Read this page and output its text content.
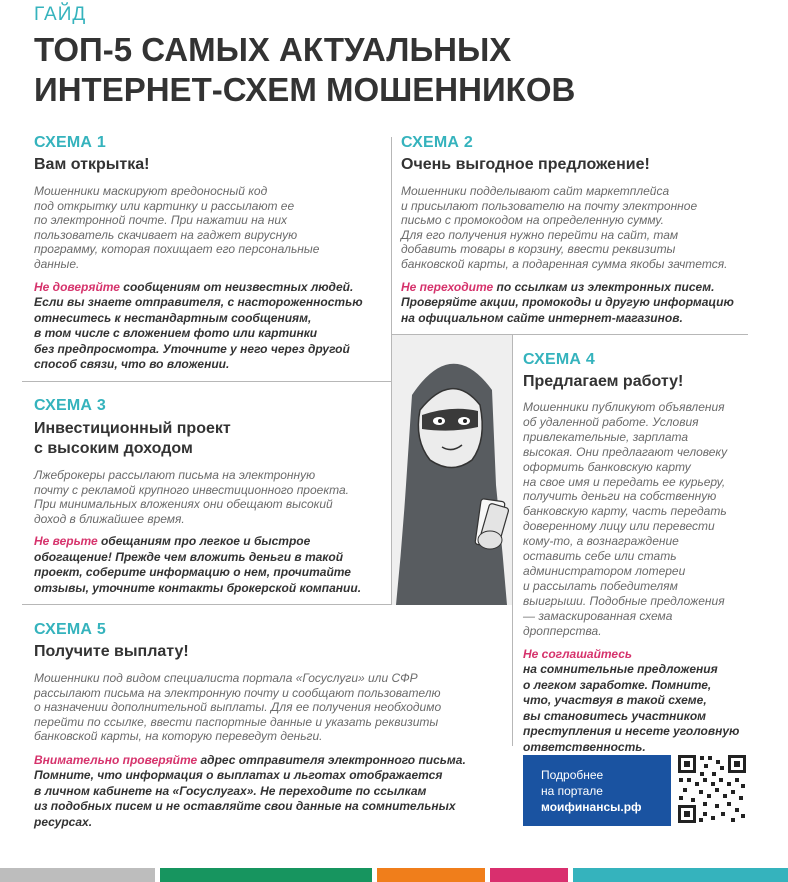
ГАЙД
ТОП-5 САМЫХ АКТУАЛЬНЫХ
ИНТЕРНЕТ-СХЕМ МОШЕННИКОВ
СХЕМА 1
Вам открытка!
Мошенники маскируют вредоносный код
под открытку или картинку и рассылают ее
по электронной почте. При нажатии на них
пользователь скачивает на гаджет вирусную
программу, которая похищает его персональные
данные.
Не доверяйте сообщениям от неизвестных людей.
Если вы знаете отправителя, с настороженностью
отнеситесь к нестандартным сообщениям,
в том числе с вложением фото или картинки
без предпросмотра. Уточните у него через другой
способ связи, что во вложении.
СХЕМА 2
Очень выгодное предложение!
Мошенники подделывают сайт маркетплейса
и присылают пользователю на почту электронное
письмо с промокодом на определенную сумму.
Для его получения нужно перейти на сайт, там
добавить товары в корзину, ввести реквизиты
банковской карты, а подаренная сумма якобы зачтется.
Не переходите по ссылкам из электронных писем.
Проверяйте акции, промокоды и другую информацию
на официальном сайте интернет-магазинов.
СХЕМА 3
Инвестиционный проект
с высоким доходом
Лжеброкеры рассылают письма на электронную
почту с рекламой крупного инвестиционного проекта.
При минимальных вложениях они обещают высокий
доход в ближайшее время.
Не верьте обещаниям про легкое и быстрое
обогащение! Прежде чем вложить деньги в такой
проект, соберите информацию о нем, прочитайте
отзывы, уточните контакты брокерской компании.
СХЕМА 4
Предлагаем работу!
Мошенники публикуют объявления
об удаленной работе. Условия
привлекательные, зарплата
высокая. Они предлагают человеку
оформить банковскую карту
на свое имя и передать ее курьеру,
получить деньги на собственную
банковскую карту, часть передать
доверенному лицу или перевести
кому-то, а вознаграждение
оставить себе или стать
администратором лотереи
и рассылать победителям
выигрыши. Подобные предложения
— замаскированная схема
дропперства.
Не соглашайтесь
на сомнительные предложения
о легком заработке. Помните,
что, участвуя в такой схеме,
вы становитесь участником
преступления и несете уголовную
ответственность.
СХЕМА 5
Получите выплату!
Мошенники под видом специалиста портала «Госуслуги» или СФР
рассылают письма на электронную почту и сообщают пользователю
о назначении дополнительной выплаты. Для ее получения необходимо
перейти по ссылке, ввести паспортные данные и указать реквизиты
банковской карты, на которую переведут деньги.
Внимательно проверяйте адрес отправителя электронного письма.
Помните, что информация о выплатах и льготах отображается
в личном кабинете на «Госуслугах». Не переходите по ссылкам
из подобных писем и не оставляйте свои данные на сомнительных
ресурсах.
Подробнее
на портале
моифинансы.рф
